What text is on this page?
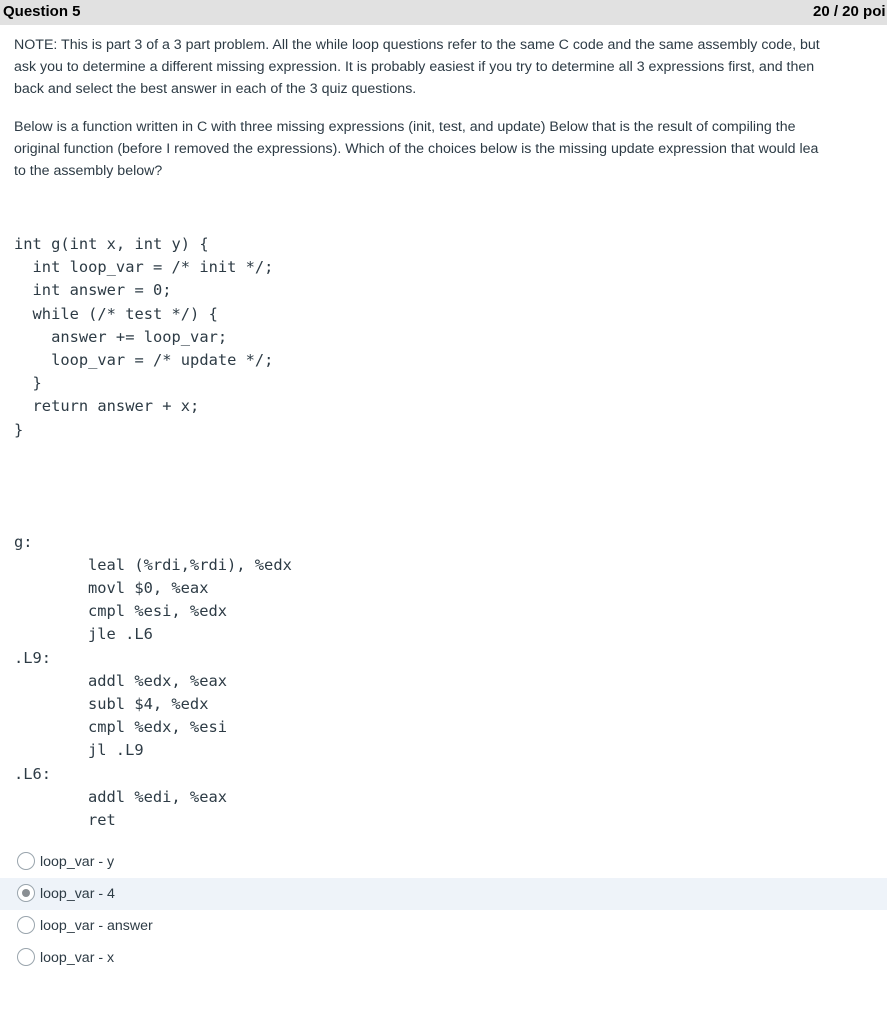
Question 5	20 / 20 poi
NOTE: This is part 3 of a 3 part problem. All the while loop questions refer to the same C code and the same assembly code, but
ask you to determine a different missing expression. It is probably easiest if you try to determine all 3 expressions first, and then
back and select the best answer in each of the 3 quiz questions.
Below is a function written in C with three missing expressions (init, test, and update) Below that is the result of compiling the
original function (before I removed the expressions). Which of the choices below is the missing update expression that would lea
to the assembly below?
int g(int x, int y) {
int loop_var = /* init */;
int answer = 0;
while (/* test */) {
answer += loop_var;
loop_var = /* update */;
}
return answer + x;
}
g:
leal (%rdi,%rdi), %edx
movl $0, %eax
cmpl %esi, %edx
jle .L6
.L9:
addl %edx, %eax
subl $4, %edx
cmpl %edx, %esi
jl .L9
.L6:
addl %edi, %eax
ret
loop_var - y
loop_var - 4
loop_var - answer
loop_var - x
